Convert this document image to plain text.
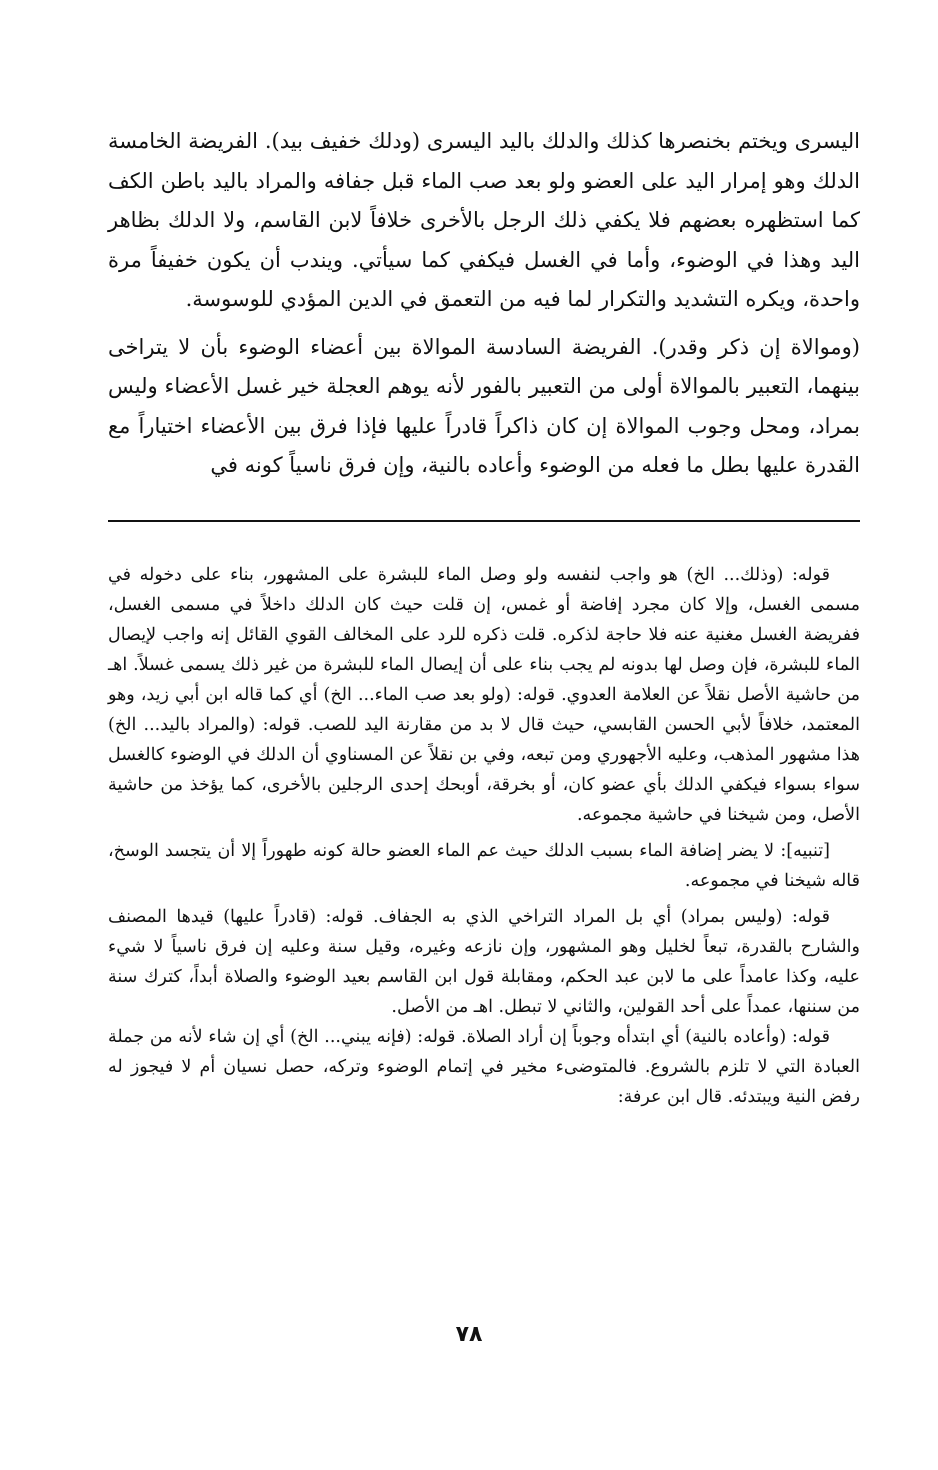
اليسرى ويختم بخنصرها كذلك والدلك باليد اليسرى (ودلك خفيف بيد). الفريضة الخامسة الدلك وهو إمرار اليد على العضو ولو بعد صب الماء قبل جفافه والمراد باليد باطن الكف كما استظهره بعضهم فلا يكفي ذلك الرجل بالأخرى خلافاً لابن القاسم، ولا الدلك بظاهر اليد وهذا في الوضوء، وأما في الغسل فيكفي كما سيأتي. ويندب أن يكون خفيفاً مرة واحدة، ويكره التشديد والتكرار لما فيه من التعمق في الدين المؤدي للوسوسة.

(وموالاة إن ذكر وقدر). الفريضة السادسة الموالاة بين أعضاء الوضوء بأن لا يتراخى بينهما، التعبير بالموالاة أولى من التعبير بالفور لأنه يوهم العجلة خير غسل الأعضاء وليس بمراد، ومحل وجوب الموالاة إن كان ذاكراً قادراً عليها فإذا فرق بين الأعضاء اختياراً مع القدرة عليها بطل ما فعله من الوضوء وأعاده بالنية، وإن فرق ناسياً كونه في

قوله: (وذلك... الخ) هو واجب لنفسه ولو وصل الماء للبشرة على المشهور، بناء على دخوله في مسمى الغسل، وإلا كان مجرد إفاضة أو غمس، إن قلت حيث كان الدلك داخلاً في مسمى الغسل، ففريضة الغسل مغنية عنه فلا حاجة لذكره. قلت ذكره للرد على المخالف القوي القائل إنه واجب لإيصال الماء للبشرة، فإن وصل لها بدونه لم يجب بناء على أن إيصال الماء للبشرة من غير ذلك يسمى غسلاً. اهـ من حاشية الأصل نقلاً عن العلامة العدوي. قوله: (ولو بعد صب الماء... الخ) أي كما قاله ابن أبي زيد، وهو المعتمد، خلافاً لأبي الحسن القابسي، حيث قال لا بد من مقارنة اليد للصب. قوله: (والمراد باليد... الخ) هذا مشهور المذهب، وعليه الأجهوري ومن تبعه، وفي بن نقلاً عن المسناوي أن الدلك في الوضوء كالغسل سواء بسواء فيكفي الدلك بأي عضو كان، أو بخرقة، أوبحك إحدى الرجلين بالأخرى، كما يؤخذ من حاشية الأصل، ومن شيخنا في حاشية مجموعه.

[تنبيه]: لا يضر إضافة الماء بسبب الدلك حيث عم الماء العضو حالة كونه طهوراً إلا أن يتجسد الوسخ، قاله شيخنا في مجموعه.

قوله: (وليس بمراد) أي بل المراد التراخي الذي به الجفاف. قوله: (قادراً عليها) قيدها المصنف والشارح بالقدرة، تبعاً لخليل وهو المشهور، وإن نازعه وغيره، وقيل سنة وعليه إن فرق ناسياً لا شيء عليه، وكذا عامداً على ما لابن عبد الحكم، ومقابلة قول ابن القاسم بعيد الوضوء والصلاة أبداً، كترك سنة من سننها، عمداً على أحد القولين، والثاني لا تبطل. اهـ من الأصل.

قوله: (وأعاده بالنية) أي ابتدأه وجوباً إن أراد الصلاة. قوله: (فإنه يبني... الخ) أي إن شاء لأنه من جملة العبادة التي لا تلزم بالشروع. فالمتوضىء مخير في إتمام الوضوء وتركه، حصل نسيان أم لا فيجوز له رفض النية ويبتدئه. قال ابن عرفة:

٧٨
